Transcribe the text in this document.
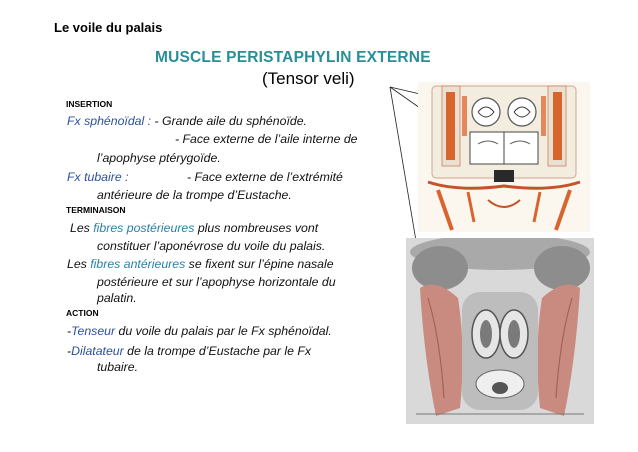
Le voile du palais
MUSCLE PERISTAPHYLIN EXTERNE
(Tensor veli)
INSERTION
Fx sphénoïdal : - Grande aile du sphénoïde.
- Face externe de l’aile interne de
l’apophyse ptérygoïde.
Fx tubaire :	- Face externe de l’extrémité
antérieure de la trompe d’Eustache.
TERMINAISON
Les fibres postérieures plus nombreuses vont
constituer l’aponévrose du voile du palais.
Les fibres antérieures se fixent sur l’épine nasale
postérieure et sur l’apophyse horizontale du
palatin.
ACTION
-Tenseur du voile du palais par le Fx sphénoïdal.
-Dilatateur de la trompe d’Eustache par le Fx
tubaire.
